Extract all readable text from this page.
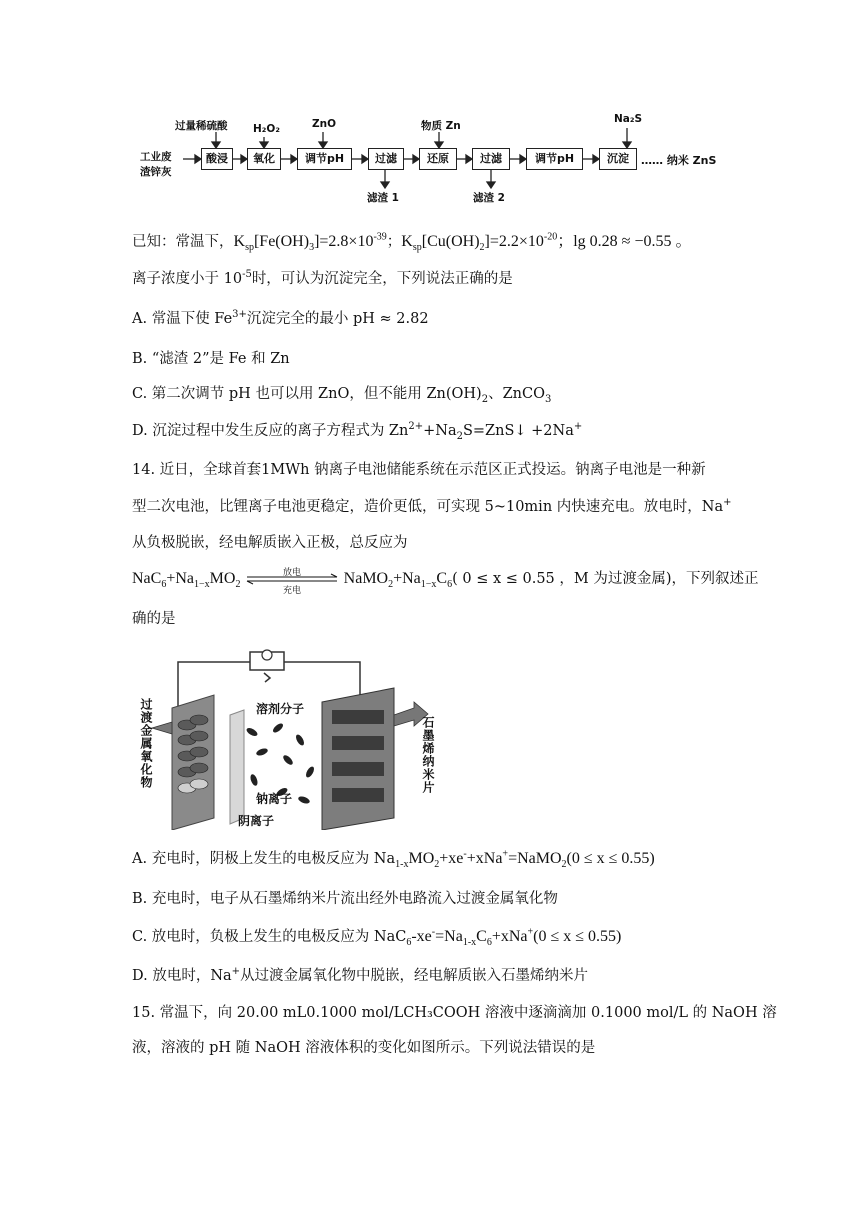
工业废
渣锌灰
酸浸	氧化	调节pH	过滤	还原	过滤	调节pH	沉淀
过量稀硫酸 H₂O₂	ZnO	物质 Zn
Na₂S
滤渣 1	滤渣 2
…… 纳米 ZnS
已知：常温下，$K_{sp}[Fe(OH)_3]=2.8\times 10^{-39}$；$K_{sp}[Cu(OH)_2]=2.2\times 10^{-20}$；lg 0.28 ≈ −0.55 。
离子浓度小于 $10^{-5}$时，可认为沉淀完全，下列说法正确的是
A. 常温下使 $Fe^{3+}$沉淀完全的最小 pH ≈ 2.82
B. “滤渣 2”是 Fe 和 Zn
C. 第二次调节 pH 也可以用 ZnO，但不能用 $Zn(OH)_2$、ZnCO$_3$
D. 沉淀过程中发生反应的离子方程式为 $Zn^{2+}+Na_2S=ZnS↓ +2Na^+$
14. 近日，全球首套1MWh 钠离子电池储能系统在示范区正式投运。钠离子电池是一种新
型二次电池，比锂离子电池更稳定，造价更低，可实现 5~10min 内快速充电。放电时，Na+
从负极脱嵌，经电解质嵌入正极，总反应为
$NaC_6+Na_{1-x}MO_2$
放电
充电
$NaMO_2+Na_{1-x}C_6$( 0 ≤ x ≤ 0.55 ，M 为过渡金属)，下列叙述正
确的是
过渡金属氧化物	石墨烯纳米片
溶剂分子
钠离子
阴离子
A. 充电时，阴极上发生的电极反应为 $Na_{1-x}MO_2+xe^-+xNa^+=NaMO_2(0 \le x \le 0.55)$
B. 充电时，电子从石墨烯纳米片流出经外电路流入过渡金属氧化物
C. 放电时，负极上发生的电极反应为 $NaC_6-xe^-=Na_{1-x}C_6+xNa^+(0 \le x \le 0.55)$
D. 放电时，Na+从过渡金属氧化物中脱嵌，经电解质嵌入石墨烯纳米片
15. 常温下，向 20.00 mL0.1000 mol/LCH₃COOH 溶液中逐滴滴加 0.1000 mol/L 的 NaOH 溶
液，溶液的 pH 随 NaOH 溶液体积的变化如图所示。下列说法错误的是
